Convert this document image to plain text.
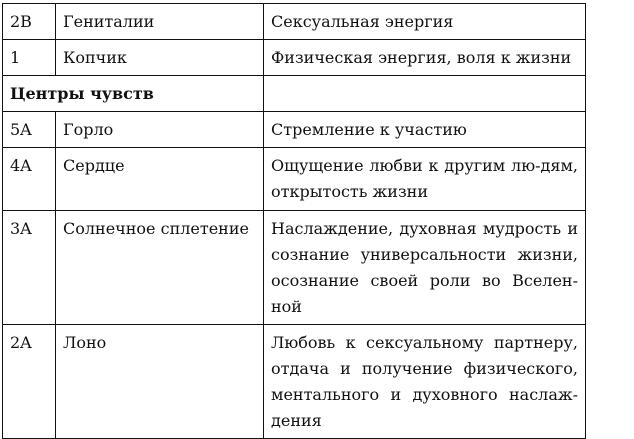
2B	Гениталии	Сексуальная энергия
1	Копчик	Физическая энергия, воля к жизни
Центры чувств		
5A	Горло	Стремление к участию
4A	Сердце	Ощущение любви к другим лю-дям, открытость жизни
3A	Солнечное сплетение	Наслаждение, духовная мудрость и сознание универсальности жизни, осознание своей роли во Вселен-ной
2A	Лоно	Любовь к сексуальному партнеру, отдача и получение физического, ментального и духовного наслаж-дения
